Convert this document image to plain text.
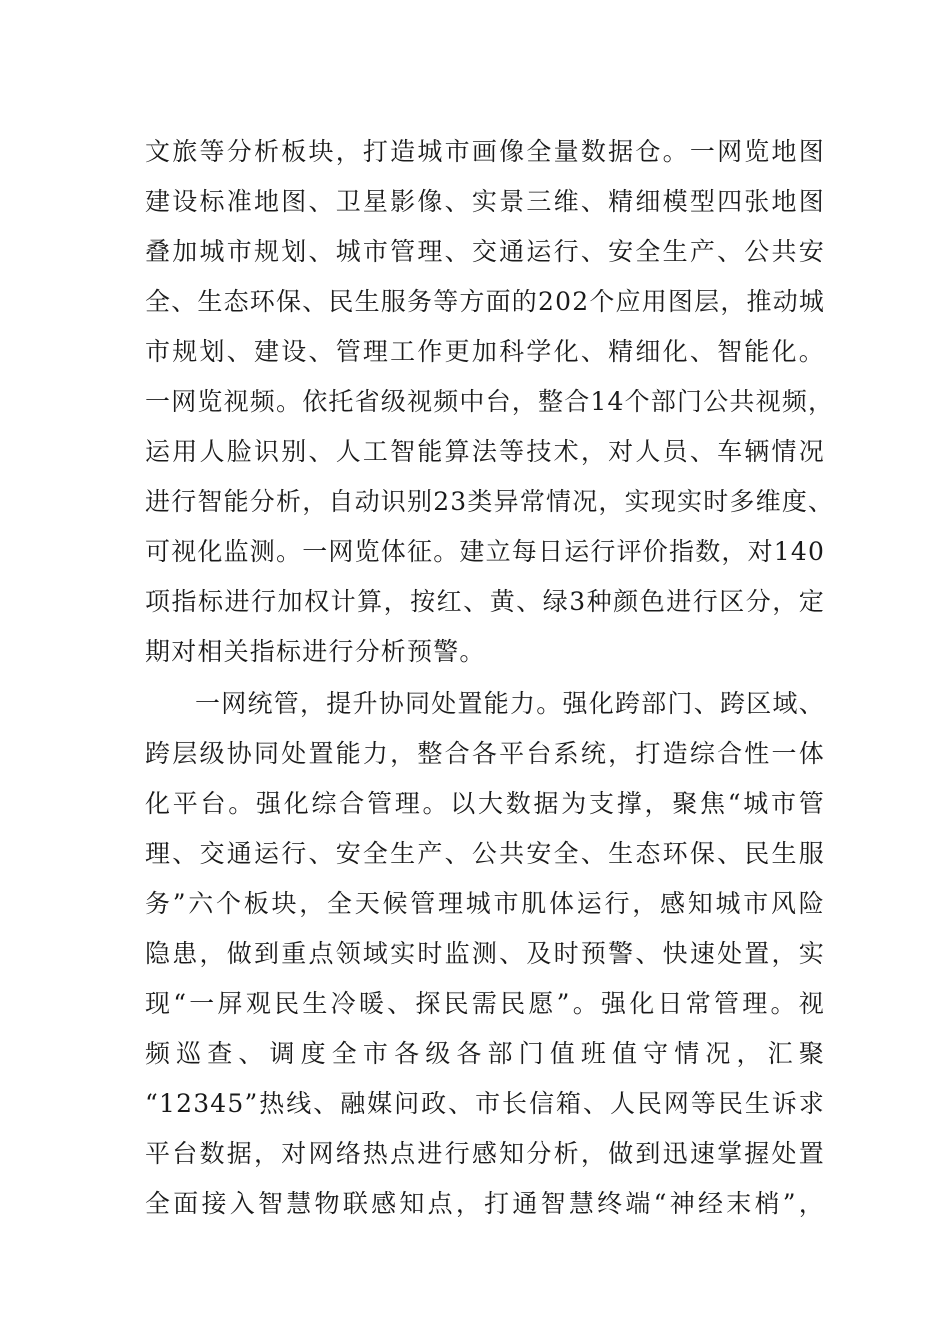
文旅等分析板块，打造城市画像全量数据仓。一网览地图
建设标准地图、卫星影像、实景三维、精细模型四张地图
叠加城市规划、城市管理、交通运行、安全生产、公共安
全、生态环保、民生服务等方面的202个应用图层，推动城
市规划、建设、管理工作更加科学化、精细化、智能化。
一网览视频。依托省级视频中台，整合14个部门公共视频，
运用人脸识别、人工智能算法等技术，对人员、车辆情况
进行智能分析，自动识别23类异常情况，实现实时多维度、
可视化监测。一网览体征。建立每日运行评价指数，对140
项指标进行加权计算，按红、黄、绿3种颜色进行区分，定
期对相关指标进行分析预警。
一网统管，提升协同处置能力。强化跨部门、跨区域、
跨层级协同处置能力，整合各平台系统，打造综合性一体
化平台。强化综合管理。以大数据为支撑，聚焦“城市管
理、交通运行、安全生产、公共安全、生态环保、民生服
务”六个板块，全天候管理城市肌体运行，感知城市风险
隐患，做到重点领域实时监测、及时预警、快速处置，实
现“一屏观民生冷暖、探民需民愿”。强化日常管理。视
频巡查、调度全市各级各部门值班值守情况，汇聚
“12345”热线、融媒问政、市长信箱、人民网等民生诉求
平台数据，对网络热点进行感知分析，做到迅速掌握处置
全面接入智慧物联感知点，打通智慧终端“神经末梢”，
